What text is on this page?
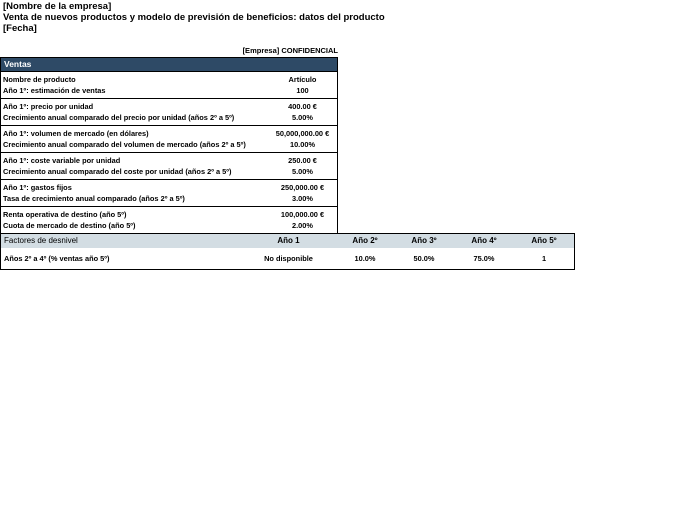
[Nombre de la empresa]
Venta de nuevos productos y modelo de previsión de beneficios: datos del producto
[Fecha]
[Empresa] CONFIDENCIAL
Ventas
Nombre de producto	Artículo
Año 1º: estimación de ventas	100
Año 1º: precio por unidad	400.00 €
Crecimiento anual comparado del precio por unidad (años 2º a 5º)	5.00%
Año 1º: volumen de mercado (en dólares)	50,000,000.00 €
Crecimiento anual comparado del volumen de mercado (años 2º a 5º)	10.00%
Año 1º: coste variable por unidad	250.00 €
Crecimiento anual comparado del coste por unidad (años 2º a 5º)	5.00%
Año 1º: gastos fijos	250,000.00 €
Tasa de crecimiento anual comparado (años 2º a 5º)	3.00%
Renta operativa de destino (año 5º)	100,000.00 €
Cuota de mercado de destino (año 5º)	2.00%
Factores de desnivel	Año 1	Año 2º	Año 3º	Año 4º	Año 5º
Años 2º a 4º (% ventas año 5º)	No disponible	10.0%	50.0%	75.0%	1
